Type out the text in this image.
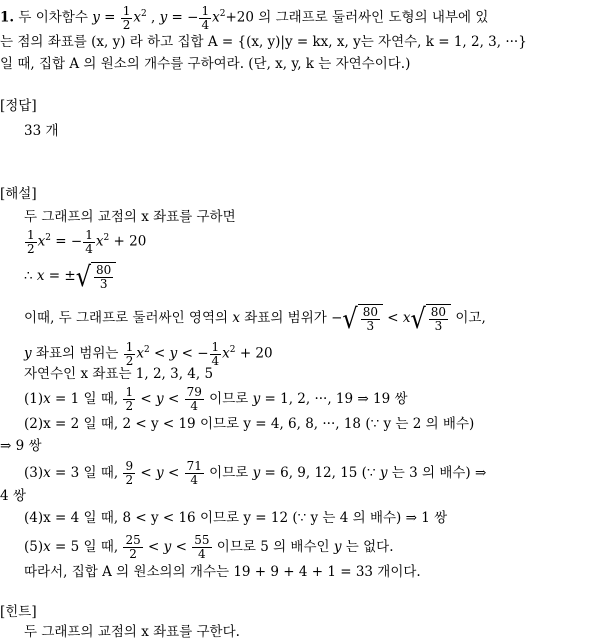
1. 두 이차함수 $y = \frac{1}{2} x^2$ , y = − $\frac{1}{4} x^2+20$ 의 그래프로 둘러싸인 도형의 내부에 있
는 점의 좌표를 (x, y) 라 하고 집합 A = {(x, y)|y = kx, x, y는 자연수, k = 1, 2, 3, ···}
일 때, 집합 A 의 원소의 개수를 구하여라. (단, x, y, k 는 자연수이다.)
[정답]
33 개
[해설]
두 그래프의 교점의 x 좌표를 구하면
$\frac{1}{2} x^2$ = − $\frac{1}{4} x^2 + 20$
∴ x = ± √ $\frac{80}{3}$
이때, 두 그래프로 둘러싸인 영역의 x 좌표의 범위가 − √ $\frac{80}{3} < x$ √ $\frac{80}{3}$ 이고,
y 좌표의 범위는 $\frac{1}{2} x^2 < y$ < − $\frac{1}{4} x^2 + 20$
자연수인 x 좌표는 1, 2, 3, 4, 5
(1)x = 1 일 때, $\frac{1}{2} < y < \frac{79}{4}$ 이므로 y = 1, 2, ···, 19 ⇒ 19 쌍
(2)x = 2 일 때, 2 < y < 19 이므로 y = 4, 6, 8, ···, 18 (∵ y 는 2 의 배수)
⇒ 9 쌍
(3)x = 3 일 때, $\frac{9}{2} < y < \frac{71}{4}$ 이므로 y = 6, 9, 12, 15 (∵ y 는 3 의 배수) ⇒
4 쌍
(4)x = 4 일 때, 8 < y < 16 이므로 y = 12 (∵ y 는 4 의 배수) ⇒ 1 쌍
(5)x = 5 일 때, $\frac{25}{2} < y < \frac{55}{4}$ 이므로 5 의 배수인 y 는 없다.
따라서, 집합 A 의 원소의의 개수는 19 + 9 + 4 + 1 = 33 개이다.
[힌트]
두 그래프의 교점의 x 좌표를 구한다.
